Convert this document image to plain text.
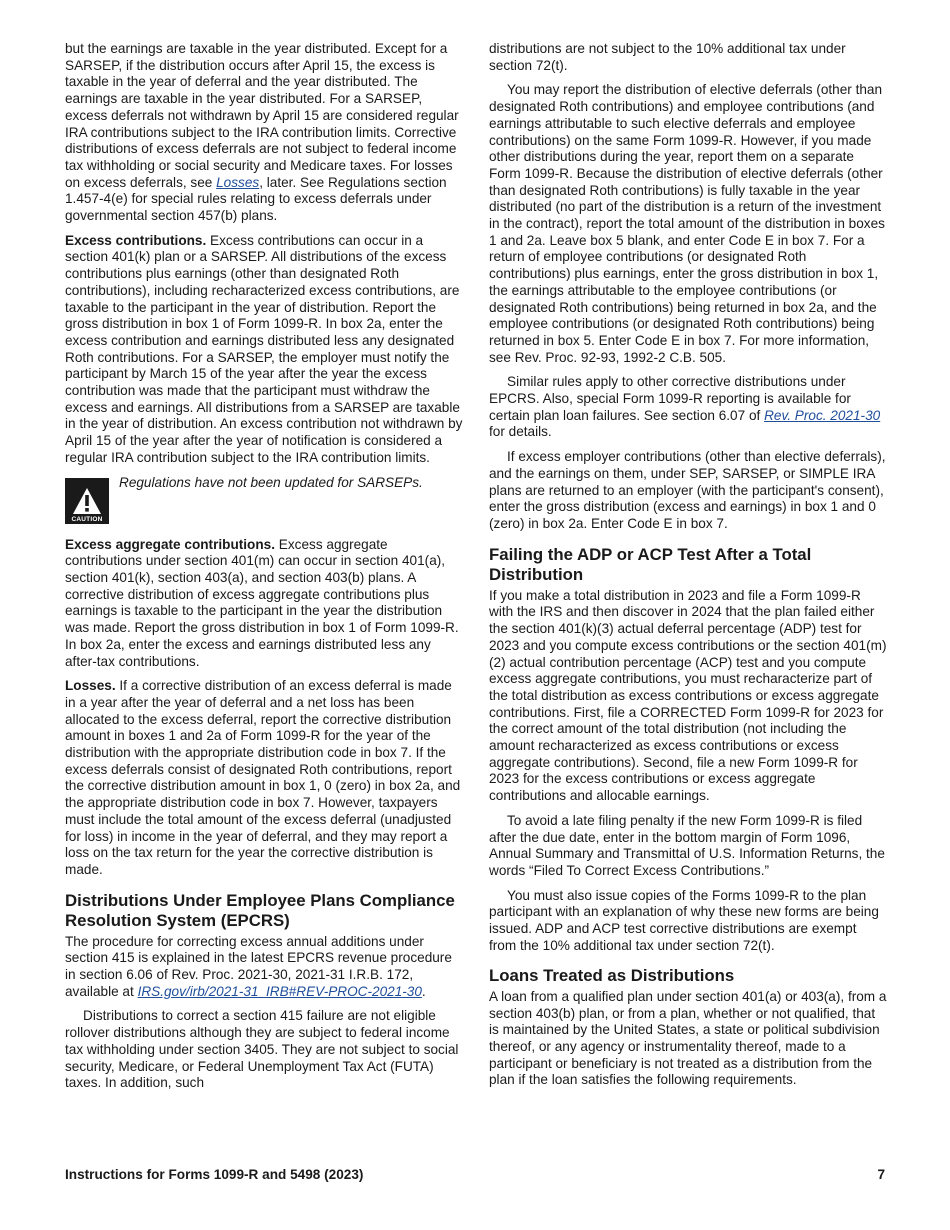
but the earnings are taxable in the year distributed. Except for a SARSEP, if the distribution occurs after April 15, the excess is taxable in the year of deferral and the year distributed. The earnings are taxable in the year distributed. For a SARSEP, excess deferrals not withdrawn by April 15 are considered regular IRA contributions subject to the IRA contribution limits. Corrective distributions of excess deferrals are not subject to federal income tax withholding or social security and Medicare taxes. For losses on excess deferrals, see Losses, later. See Regulations section 1.457-4(e) for special rules relating to excess deferrals under governmental section 457(b) plans.

Excess contributions. Excess contributions can occur in a section 401(k) plan or a SARSEP. All distributions of the excess contributions plus earnings (other than designated Roth contributions), including recharacterized excess contributions, are taxable to the participant in the year of distribution. Report the gross distribution in box 1 of Form 1099-R. In box 2a, enter the excess contribution and earnings distributed less any designated Roth contributions. For a SARSEP, the employer must notify the participant by March 15 of the year after the year the excess contribution was made that the participant must withdraw the excess and earnings. All distributions from a SARSEP are taxable in the year of distribution. An excess contribution not withdrawn by April 15 of the year after the year of notification is considered a regular IRA contribution subject to the IRA contribution limits.

CAUTION
Regulations have not been updated for SARSEPs.

Excess aggregate contributions. Excess aggregate contributions under section 401(m) can occur in section 401(a), section 401(k), section 403(a), and section 403(b) plans. A corrective distribution of excess aggregate contributions plus earnings is taxable to the participant in the year the distribution was made. Report the gross distribution in box 1 of Form 1099-R. In box 2a, enter the excess and earnings distributed less any after-tax contributions.

Losses. If a corrective distribution of an excess deferral is made in a year after the year of deferral and a net loss has been allocated to the excess deferral, report the corrective distribution amount in boxes 1 and 2a of Form 1099-R for the year of the distribution with the appropriate distribution code in box 7. If the excess deferrals consist of designated Roth contributions, report the corrective distribution amount in box 1, 0 (zero) in box 2a, and the appropriate distribution code in box 7. However, taxpayers must include the total amount of the excess deferral (unadjusted for loss) in income in the year of deferral, and they may report a loss on the tax return for the year the corrective distribution is made.

Distributions Under Employee Plans Compliance Resolution System (EPCRS)

The procedure for correcting excess annual additions under section 415 is explained in the latest EPCRS revenue procedure in section 6.06 of Rev. Proc. 2021-30, 2021-31 I.R.B. 172, available at IRS.gov/irb/2021-31_IRB#REV-PROC-2021-30.

Distributions to correct a section 415 failure are not eligible rollover distributions although they are subject to federal income tax withholding under section 3405. They are not subject to social security, Medicare, or Federal Unemployment Tax Act (FUTA) taxes. In addition, such

distributions are not subject to the 10% additional tax under section 72(t).

You may report the distribution of elective deferrals (other than designated Roth contributions) and employee contributions (and earnings attributable to such elective deferrals and employee contributions) on the same Form 1099-R. However, if you made other distributions during the year, report them on a separate Form 1099-R. Because the distribution of elective deferrals (other than designated Roth contributions) is fully taxable in the year distributed (no part of the distribution is a return of the investment in the contract), report the total amount of the distribution in boxes 1 and 2a. Leave box 5 blank, and enter Code E in box 7. For a return of employee contributions (or designated Roth contributions) plus earnings, enter the gross distribution in box 1, the earnings attributable to the employee contributions (or designated Roth contributions) being returned in box 2a, and the employee contributions (or designated Roth contributions) being returned in box 5. Enter Code E in box 7. For more information, see Rev. Proc. 92-93, 1992-2 C.B. 505.

Similar rules apply to other corrective distributions under EPCRS. Also, special Form 1099-R reporting is available for certain plan loan failures. See section 6.07 of Rev. Proc. 2021-30 for details.

If excess employer contributions (other than elective deferrals), and the earnings on them, under SEP, SARSEP, or SIMPLE IRA plans are returned to an employer (with the participant's consent), enter the gross distribution (excess and earnings) in box 1 and 0 (zero) in box 2a. Enter Code E in box 7.

Failing the ADP or ACP Test After a Total Distribution

If you make a total distribution in 2023 and file a Form 1099-R with the IRS and then discover in 2024 that the plan failed either the section 401(k)(3) actual deferral percentage (ADP) test for 2023 and you compute excess contributions or the section 401(m)(2) actual contribution percentage (ACP) test and you compute excess aggregate contributions, you must recharacterize part of the total distribution as excess contributions or excess aggregate contributions. First, file a CORRECTED Form 1099-R for 2023 for the correct amount of the total distribution (not including the amount recharacterized as excess contributions or excess aggregate contributions). Second, file a new Form 1099-R for 2023 for the excess contributions or excess aggregate contributions and allocable earnings.

To avoid a late filing penalty if the new Form 1099-R is filed after the due date, enter in the bottom margin of Form 1096, Annual Summary and Transmittal of U.S. Information Returns, the words “Filed To Correct Excess Contributions.”

You must also issue copies of the Forms 1099-R to the plan participant with an explanation of why these new forms are being issued. ADP and ACP test corrective distributions are exempt from the 10% additional tax under section 72(t).

Loans Treated as Distributions

A loan from a qualified plan under section 401(a) or 403(a), from a section 403(b) plan, or from a plan, whether or not qualified, that is maintained by the United States, a state or political subdivision thereof, or any agency or instrumentality thereof, made to a participant or beneficiary is not treated as a distribution from the plan if the loan satisfies the following requirements.

Instructions for Forms 1099-R and 5498 (2023)	7
